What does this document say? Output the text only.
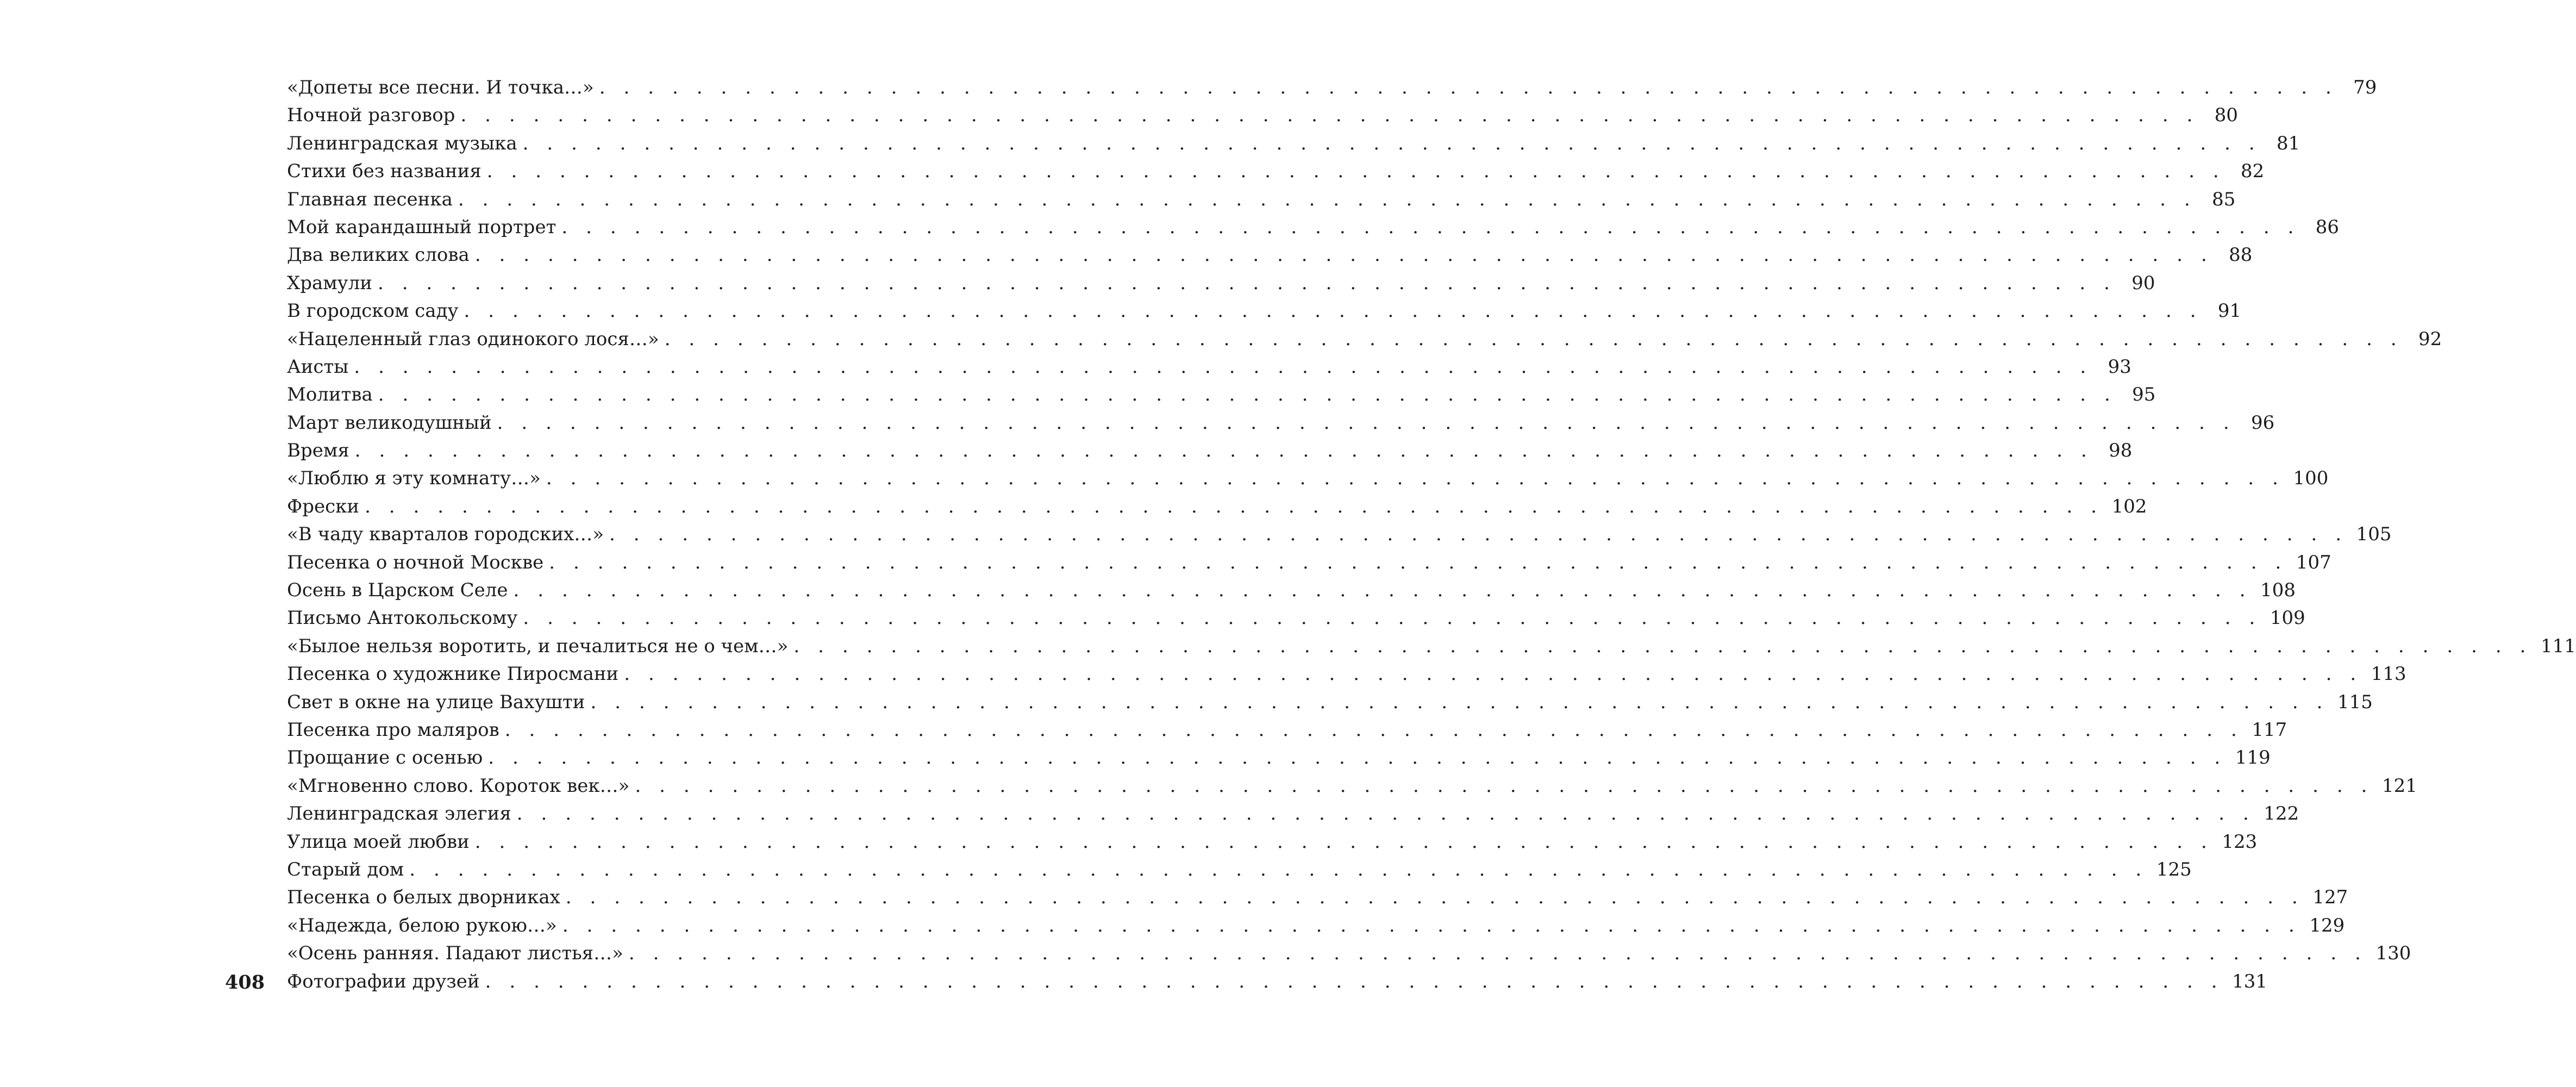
«Допеты все песни. И точка…» . . . . . . . . . . . . . . . . . . . . . . . . . . . . . . . . . . . . . . . . . . . . . . . . . . . . . . . . . . . . . . . . . . . . . . . . 79
Ночной разговор . . . . . . . . . . . . . . . . . . . . . . . . . . . . . . . . . . . . . . . . . . . . . . . . . . . . . . . . . . . . . . . . . . . . . . . . 80
Ленинградская музыка . . . . . . . . . . . . . . . . . . . . . . . . . . . . . . . . . . . . . . . . . . . . . . . . . . . . . . . . . . . . . . . . . . . . . . . . 81
Стихи без названия . . . . . . . . . . . . . . . . . . . . . . . . . . . . . . . . . . . . . . . . . . . . . . . . . . . . . . . . . . . . . . . . . . . . . . . . 82
Главная песенка . . . . . . . . . . . . . . . . . . . . . . . . . . . . . . . . . . . . . . . . . . . . . . . . . . . . . . . . . . . . . . . . . . . . . . . . 85
Мой карандашный портрет . . . . . . . . . . . . . . . . . . . . . . . . . . . . . . . . . . . . . . . . . . . . . . . . . . . . . . . . . . . . . . . . . . . . . . . . 86
Два великих слова . . . . . . . . . . . . . . . . . . . . . . . . . . . . . . . . . . . . . . . . . . . . . . . . . . . . . . . . . . . . . . . . . . . . . . . . 88
Храмули . . . . . . . . . . . . . . . . . . . . . . . . . . . . . . . . . . . . . . . . . . . . . . . . . . . . . . . . . . . . . . . . . . . . . . . . 90
В городском саду . . . . . . . . . . . . . . . . . . . . . . . . . . . . . . . . . . . . . . . . . . . . . . . . . . . . . . . . . . . . . . . . . . . . . . . . 91
«Нацеленный глаз одинокого лося…» . . . . . . . . . . . . . . . . . . . . . . . . . . . . . . . . . . . . . . . . . . . . . . . . . . . . . . . . . . . . . . . . . . . . . . . . 92
Аисты . . . . . . . . . . . . . . . . . . . . . . . . . . . . . . . . . . . . . . . . . . . . . . . . . . . . . . . . . . . . . . . . . . . . . . . . 93
Молитва . . . . . . . . . . . . . . . . . . . . . . . . . . . . . . . . . . . . . . . . . . . . . . . . . . . . . . . . . . . . . . . . . . . . . . . . 95
Март великодушный . . . . . . . . . . . . . . . . . . . . . . . . . . . . . . . . . . . . . . . . . . . . . . . . . . . . . . . . . . . . . . . . . . . . . . . . 96
Время . . . . . . . . . . . . . . . . . . . . . . . . . . . . . . . . . . . . . . . . . . . . . . . . . . . . . . . . . . . . . . . . . . . . . . . . 98
«Люблю я эту комнату…» . . . . . . . . . . . . . . . . . . . . . . . . . . . . . . . . . . . . . . . . . . . . . . . . . . . . . . . . . . . . . . . . . . . . . . . . 100
Фрески . . . . . . . . . . . . . . . . . . . . . . . . . . . . . . . . . . . . . . . . . . . . . . . . . . . . . . . . . . . . . . . . . . . . . . . . 102
«В чаду кварталов городских…» . . . . . . . . . . . . . . . . . . . . . . . . . . . . . . . . . . . . . . . . . . . . . . . . . . . . . . . . . . . . . . . . . . . . . . . . 105
Песенка о ночной Москве . . . . . . . . . . . . . . . . . . . . . . . . . . . . . . . . . . . . . . . . . . . . . . . . . . . . . . . . . . . . . . . . . . . . . . . . 107
Осень в Царском Селе . . . . . . . . . . . . . . . . . . . . . . . . . . . . . . . . . . . . . . . . . . . . . . . . . . . . . . . . . . . . . . . . . . . . . . . . 108
Письмо Антокольскому . . . . . . . . . . . . . . . . . . . . . . . . . . . . . . . . . . . . . . . . . . . . . . . . . . . . . . . . . . . . . . . . . . . . . . . . 109
«Былое нельзя воротить, и печалиться не о чем…» . . . . . . . . . . . . . . . . . . . . . . . . . . . . . . . . . . . . . . . . . . . . . . . . . . . . . . . . . . . . . . . . . . . . . . . . 111
Песенка о художнике Пиросмани . . . . . . . . . . . . . . . . . . . . . . . . . . . . . . . . . . . . . . . . . . . . . . . . . . . . . . . . . . . . . . . . . . . . . . . . 113
Свет в окне на улице Вахушти . . . . . . . . . . . . . . . . . . . . . . . . . . . . . . . . . . . . . . . . . . . . . . . . . . . . . . . . . . . . . . . . . . . . . . . . 115
Песенка про маляров . . . . . . . . . . . . . . . . . . . . . . . . . . . . . . . . . . . . . . . . . . . . . . . . . . . . . . . . . . . . . . . . . . . . . . . . 117
Прощание с осенью . . . . . . . . . . . . . . . . . . . . . . . . . . . . . . . . . . . . . . . . . . . . . . . . . . . . . . . . . . . . . . . . . . . . . . . . 119
«Мгновенно слово. Короток век…» . . . . . . . . . . . . . . . . . . . . . . . . . . . . . . . . . . . . . . . . . . . . . . . . . . . . . . . . . . . . . . . . . . . . . . . . 121
Ленинградская элегия . . . . . . . . . . . . . . . . . . . . . . . . . . . . . . . . . . . . . . . . . . . . . . . . . . . . . . . . . . . . . . . . . . . . . . . . 122
Улица моей любви . . . . . . . . . . . . . . . . . . . . . . . . . . . . . . . . . . . . . . . . . . . . . . . . . . . . . . . . . . . . . . . . . . . . . . . . 123
Старый дом . . . . . . . . . . . . . . . . . . . . . . . . . . . . . . . . . . . . . . . . . . . . . . . . . . . . . . . . . . . . . . . . . . . . . . . . 125
Песенка о белых дворниках . . . . . . . . . . . . . . . . . . . . . . . . . . . . . . . . . . . . . . . . . . . . . . . . . . . . . . . . . . . . . . . . . . . . . . . . 127
«Надежда, белою рукою…» . . . . . . . . . . . . . . . . . . . . . . . . . . . . . . . . . . . . . . . . . . . . . . . . . . . . . . . . . . . . . . . . . . . . . . . . 129
«Осень ранняя. Падают листья…» . . . . . . . . . . . . . . . . . . . . . . . . . . . . . . . . . . . . . . . . . . . . . . . . . . . . . . . . . . . . . . . . . . . . . . . . 130
Фотографии друзей . . . . . . . . . . . . . . . . . . . . . . . . . . . . . . . . . . . . . . . . . . . . . . . . . . . . . . . . . . . . . . . . . . . . . . . . 131
408
